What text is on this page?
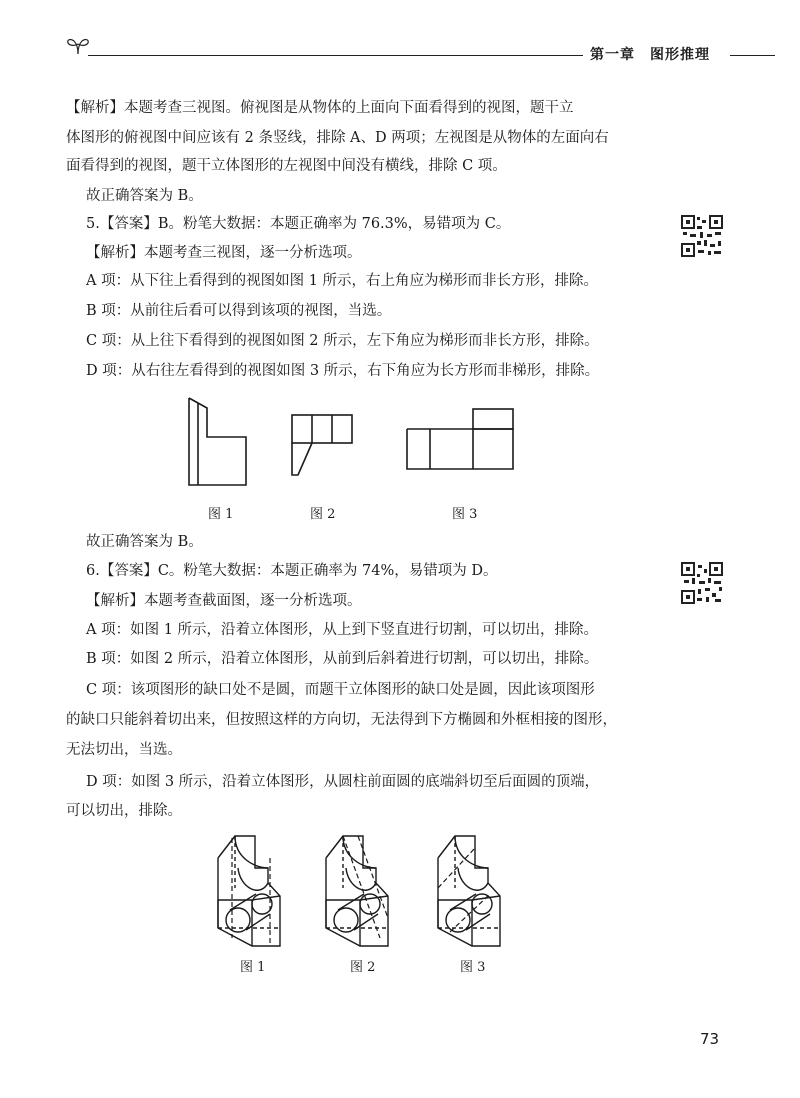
第一章　图形推理
【解析】本题考查三视图。俯视图是从物体的上面向下面看得到的视图，题干立
体图形的俯视图中间应该有 2 条竖线，排除 A、D 两项；左视图是从物体的左面向右
面看得到的视图，题干立体图形的左视图中间没有横线，排除 C 项。
故正确答案为 B。
5.【答案】B。粉笔大数据：本题正确率为 76.3%，易错项为 C。
【解析】本题考查三视图，逐一分析选项。
A 项：从下往上看得到的视图如图 1 所示，右上角应为梯形而非长方形，排除。
B 项：从前往后看可以得到该项的视图，当选。
C 项：从上往下看得到的视图如图 2 所示，左下角应为梯形而非长方形，排除。
D 项：从右往左看得到的视图如图 3 所示，右下角应为长方形而非梯形，排除。
图 1	图 2	图 3
故正确答案为 B。
6.【答案】C。粉笔大数据：本题正确率为 74%，易错项为 D。
【解析】本题考查截面图，逐一分析选项。
A 项：如图 1 所示，沿着立体图形，从上到下竖直进行切割，可以切出，排除。
B 项：如图 2 所示，沿着立体图形，从前到后斜着进行切割，可以切出，排除。
C 项：该项图形的缺口处不是圆，而题干立体图形的缺口处是圆，因此该项图形
的缺口只能斜着切出来，但按照这样的方向切，无法得到下方椭圆和外框相接的图形，
无法切出，当选。
D 项：如图 3 所示，沿着立体图形，从圆柱前面圆的底端斜切至后面圆的顶端，
可以切出，排除。
图 1	图 2	图 3
73
